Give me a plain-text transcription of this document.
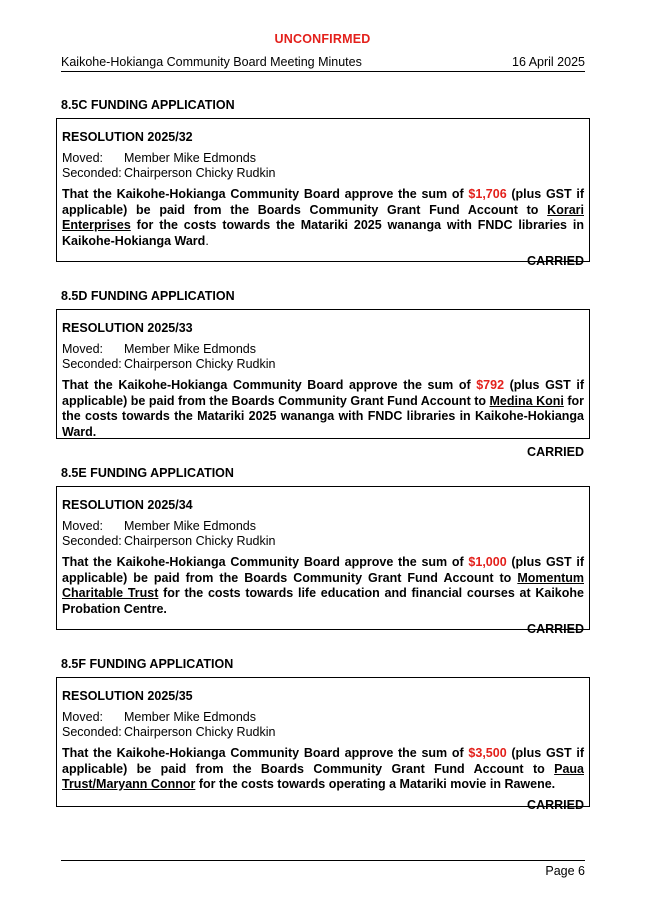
UNCONFIRMED
Kaikohe-Hokianga Community Board Meeting Minutes	16 April 2025
8.5C FUNDING APPLICATION
RESOLUTION 2025/32
Moved: Member Mike Edmonds
Seconded: Chairperson Chicky Rudkin
That the Kaikohe-Hokianga Community Board approve the sum of $1,706 (plus GST if applicable) be paid from the Boards Community Grant Fund Account to Korari Enterprises for the costs towards the Matariki 2025 wananga with FNDC libraries in Kaikohe-Hokianga Ward.
CARRIED
8.5D FUNDING APPLICATION
RESOLUTION 2025/33
Moved: Member Mike Edmonds
Seconded: Chairperson Chicky Rudkin
That the Kaikohe-Hokianga Community Board approve the sum of $792 (plus GST if applicable) be paid from the Boards Community Grant Fund Account to Medina Koni for the costs towards the Matariki 2025 wananga with FNDC libraries in Kaikohe-Hokianga Ward.
CARRIED
8.5E FUNDING APPLICATION
RESOLUTION 2025/34
Moved: Member Mike Edmonds
Seconded: Chairperson Chicky Rudkin
That the Kaikohe-Hokianga Community Board approve the sum of $1,000 (plus GST if applicable) be paid from the Boards Community Grant Fund Account to Momentum Charitable Trust for the costs towards life education and financial courses at Kaikohe Probation Centre.
CARRIED
8.5F FUNDING APPLICATION
RESOLUTION 2025/35
Moved: Member Mike Edmonds
Seconded: Chairperson Chicky Rudkin
That the Kaikohe-Hokianga Community Board approve the sum of $3,500 (plus GST if applicable) be paid from the Boards Community Grant Fund Account to Paua Trust/Maryann Connor for the costs towards operating a Matariki movie in Rawene.
CARRIED
Page 6
